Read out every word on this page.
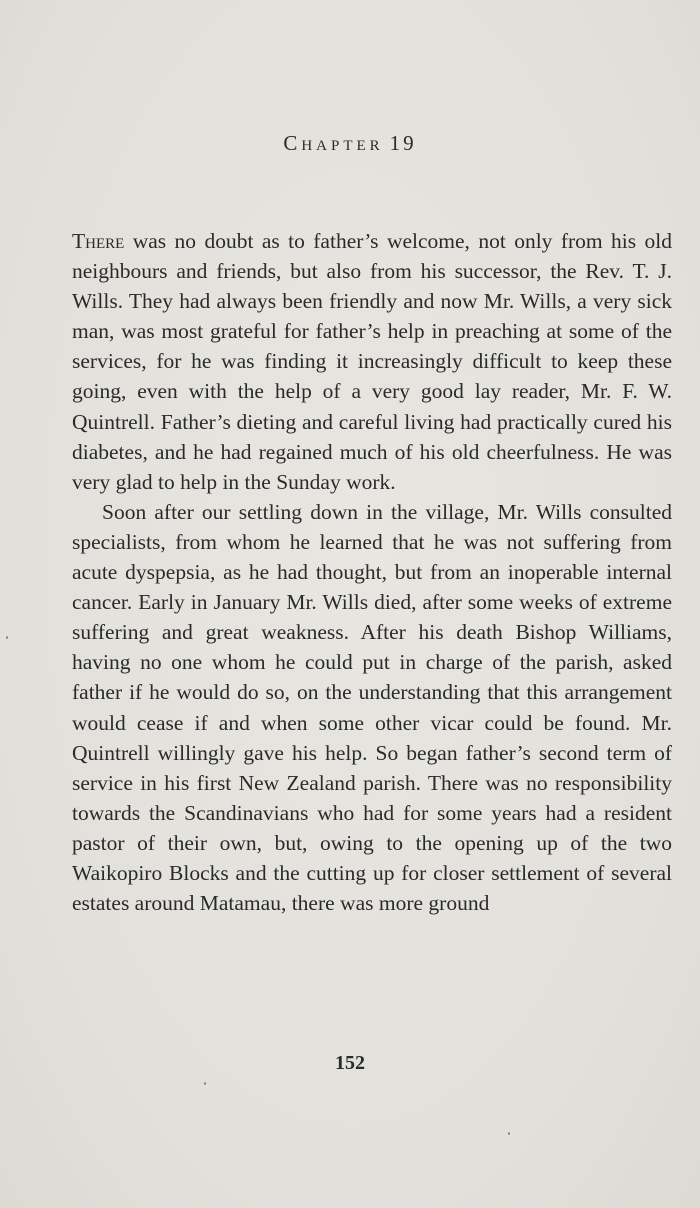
Chapter 19

There was no doubt as to father’s welcome, not only from his old neighbours and friends, but also from his successor, the Rev. T. J. Wills. They had always been friendly and now Mr. Wills, a very sick man, was most grateful for father’s help in preaching at some of the services, for he was finding it increasingly difficult to keep these going, even with the help of a very good lay reader, Mr. F. W. Quintrell. Father’s dieting and careful living had practically cured his diabetes, and he had regained much of his old cheerfulness. He was very glad to help in the Sunday work.

Soon after our settling down in the village, Mr. Wills consulted specialists, from whom he learned that he was not suffering from acute dyspepsia, as he had thought, but from an inoperable internal cancer. Early in January Mr. Wills died, after some weeks of extreme suffering and great weakness. After his death Bishop Williams, having no one whom he could put in charge of the parish, asked father if he would do so, on the understanding that this arrangement would cease if and when some other vicar could be found. Mr. Quintrell willingly gave his help. So began father’s second term of service in his first New Zealand parish. There was no responsibility towards the Scandinavians who had for some years had a resident pastor of their own, but, owing to the opening up of the two Waikopiro Blocks and the cutting up for closer settlement of several estates around Matamau, there was more ground

152
